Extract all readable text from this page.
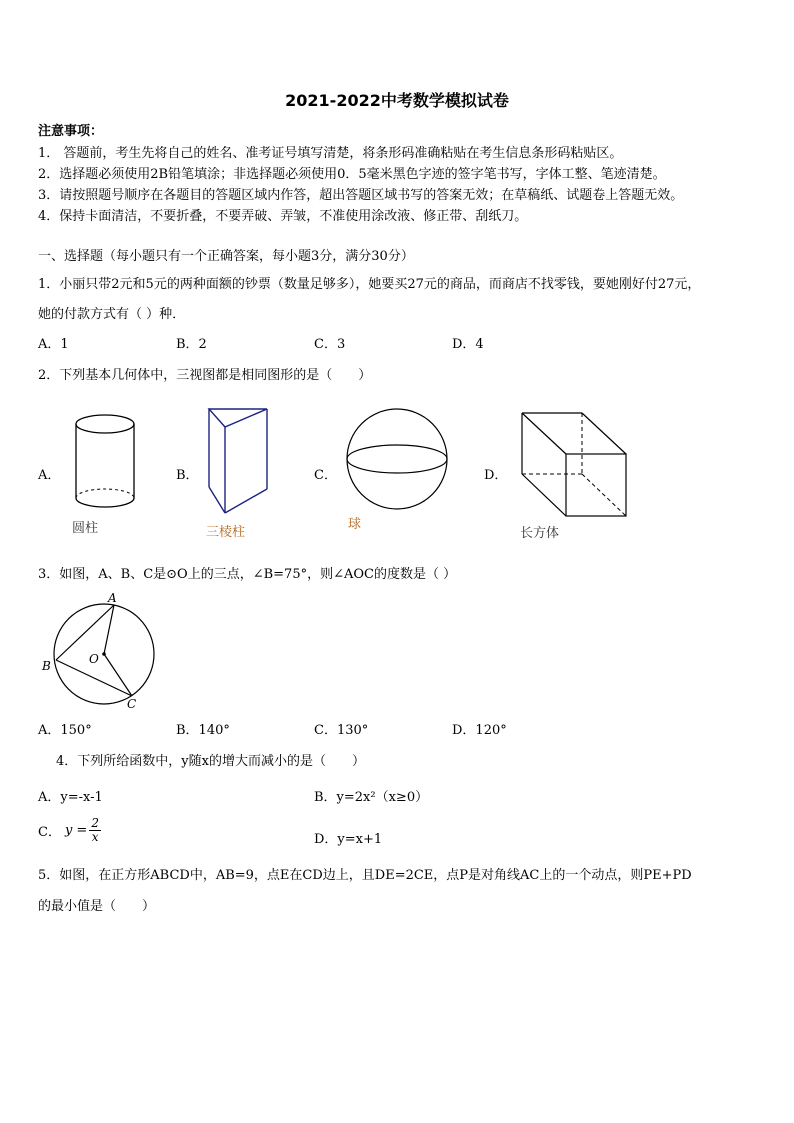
2021-2022中考数学模拟试卷
注意事项：
1． 答题前，考生先将自己的姓名、准考证号填写清楚，将条形码准确粘贴在考生信息条形码粘贴区。
2．选择题必须使用2B铅笔填涂；非选择题必须使用0．5毫米黑色字迹的签字笔书写，字体工整、笔迹清楚。
3．请按照题号顺序在各题目的答题区域内作答，超出答题区域书写的答案无效；在草稿纸、试题卷上答题无效。
4．保持卡面清洁，不要折叠，不要弄破、弄皱，不准使用涂改液、修正带、刮纸刀。
一、选择题（每小题只有一个正确答案，每小题3分，满分30分）
1．小丽只带2元和5元的两种面额的钞票（数量足够多），她要买27元的商品，而商店不找零钱，要她刚好付27元，
她的付款方式有（ ）种．
A．1	B．2	C．3	D．4
2．下列基本几何体中，三视图都是相同图形的是（　　）
A．	B．	C．	D．
圆柱	三棱柱
球
长方体
3．如图，A、B、C是⊙O上的三点，∠B=75°，则∠AOC的度数是（ ）
A
B
C
O
A．150°	B．140°	C．130°	D．120°
4．下列所给函数中，y随x的增大而减小的是（　　）
A．y=-x-1	B．y=2x²（x≥0）
C． $y = \frac{2}{x}$	D．y=x+1
5．如图，在正方形ABCD中，AB=9，点E在CD边上，且DE=2CE，点P是对角线AC上的一个动点，则PE+PD
的最小值是（　　）
